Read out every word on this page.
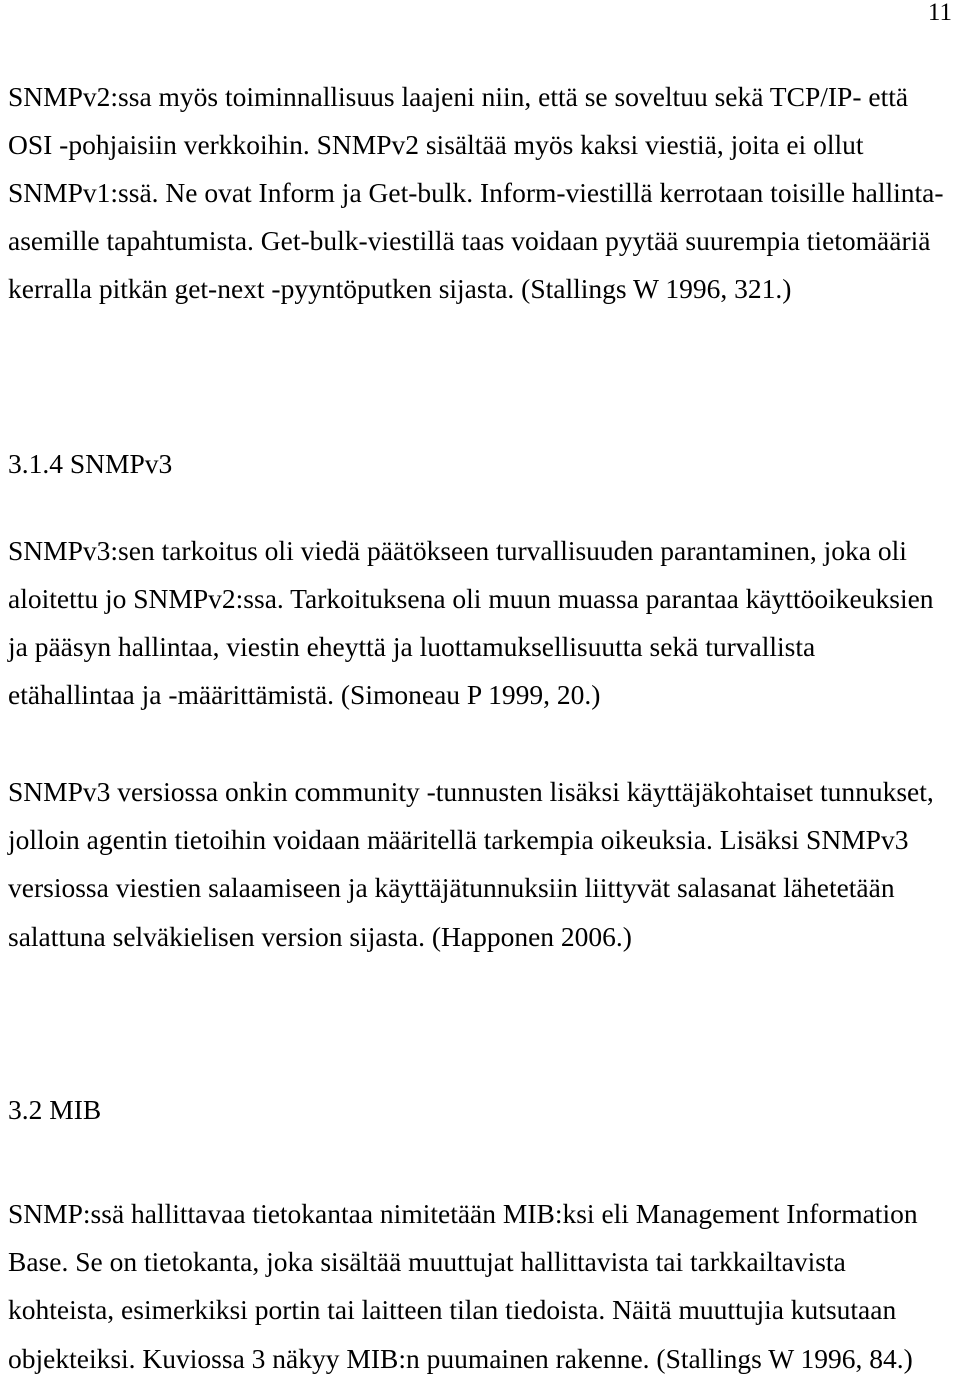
11
SNMPv2:ssa myös toiminnallisuus laajeni niin, että se soveltuu sekä TCP/IP- että
OSI -pohjaisiin verkkoihin. SNMPv2 sisältää myös kaksi viestiä, joita ei ollut
SNMPv1:ssä. Ne ovat Inform ja Get-bulk. Inform-viestillä kerrotaan toisille hallinta-
asemille tapahtumista. Get-bulk-viestillä taas voidaan pyytää suurempia tietomääriä
kerralla pitkän get-next -pyyntöputken sijasta. (Stallings W 1996, 321.)
3.1.4 SNMPv3
SNMPv3:sen tarkoitus oli viedä päätökseen turvallisuuden parantaminen, joka oli
aloitettu jo SNMPv2:ssa. Tarkoituksena oli muun muassa parantaa käyttöoikeuksien
ja pääsyn hallintaa, viestin eheyttä ja luottamuksellisuutta sekä turvallista
etähallintaa ja -määrittämistä. (Simoneau P 1999, 20.)
SNMPv3 versiossa onkin community -tunnusten lisäksi käyttäjäkohtaiset tunnukset,
jolloin agentin tietoihin voidaan määritellä tarkempia oikeuksia. Lisäksi SNMPv3
versiossa viestien salaamiseen ja käyttäjätunnuksiin liittyvät salasanat lähetetään
salattuna selväkielisen version sijasta. (Happonen 2006.)
3.2 MIB
SNMP:ssä hallittavaa tietokantaa nimitetään MIB:ksi eli Management Information
Base. Se on tietokanta, joka sisältää muuttujat hallittavista tai tarkkailtavista
kohteista, esimerkiksi portin tai laitteen tilan tiedoista. Näitä muuttujia kutsutaan
objekteiksi. Kuviossa 3 näkyy MIB:n puumainen rakenne. (Stallings W 1996, 84.)
